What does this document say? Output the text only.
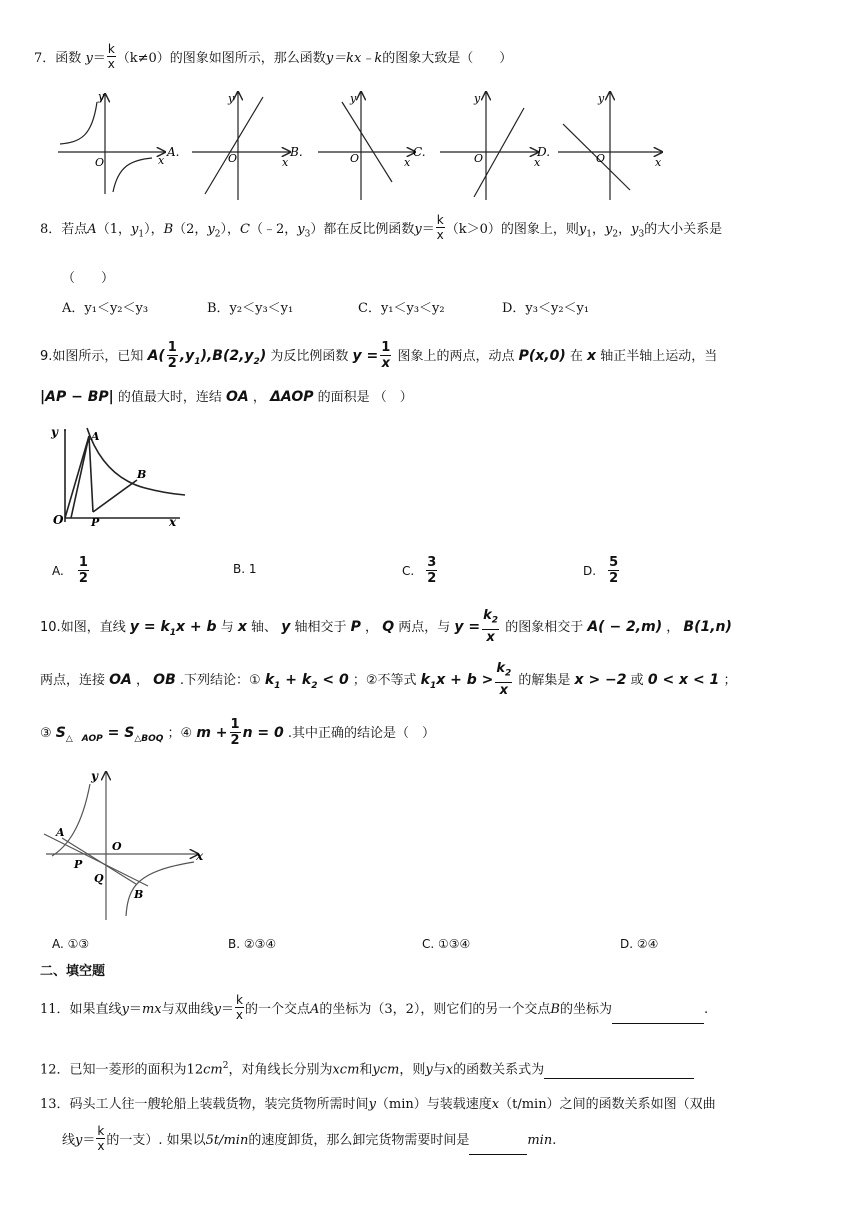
7．函数 $y= \frac{k}{x} (k\ne 0)$的图象如图所示，那么函数y＝kx﹣k的图象大致是（　　）
y
O	x
A.
y
O	x
B.
y
O	x
C.
y
O	x
D.
y
O	x
8．若点A（1，$y_1$），B（2，$y_2$），C（﹣2，$y_3$）都在反比例函数$y= \frac{k}{x} (k>0)$的图象上，则$y_1$，$y_2$，$y_3$的大小关系是
（　　）
A．y₁＜y₂＜y₃	B．y₂＜y₃＜y₁	C．y₁＜y₃＜y₂	D．y₃＜y₂＜y₁
9.如图所示，已知 $A( \frac{1}{2} ,y_1),B(2,y_2)$ 为反比例函数 $y = \frac{1}{x}$ 图象上的两点，动点 P(x,0) 在 x 轴正半轴上运动，当
|AP − BP| 的值最大时，连结 OA ， ΔAOP 的面积是 （　）
y	A
B
O	P	x
A. $\frac{1}{2}$	B. 1	C. $\frac{3}{2}$	D. $\frac{5}{2}$
10.如图，直线 $y = k_1x + b$ 与 x 轴、 y 轴相交于 P ， Q 两点，与 $y = \frac{k_2}{x}$ 的图象相交于 A( − 2,m) ， B(1,n)
两点，连接 OA ， OB .下列结论：① $k_1 + k_2 < 0$ ；②不等式 $k_1x + b > \frac{k_2}{x}$ 的解集是 x > −2 或 0 < x < 1 ；
③ $S_{\triangle AOP} = S_{\triangle BOQ}$ ；④ $m + \frac{1}{2}$ n = 0 .其中正确的结论是（　）
y
A
O
P
Q
B
x
A. ①③	B. ②③④	C. ①③④	D. ②④
二、填空题
11．如果直线y＝mx与双曲线$y= \frac{k}{x}$ 的一个交点A的坐标为（3，2），则它们的另一个交点B的坐标为	.
12．已知一菱形的面积为$12cm^2$，对角线长分别为xcm和ycm，则y与x的函数关系式为
13．码头工人往一艘轮船上装载货物，装完货物所需时间y（min）与装载速度x（t/min）之间的函数关系如图（双曲
线$y= \frac{k}{x}$ 的一支）. 如果以5t/min的速度卸货，那么卸完货物需要时间是	min.
